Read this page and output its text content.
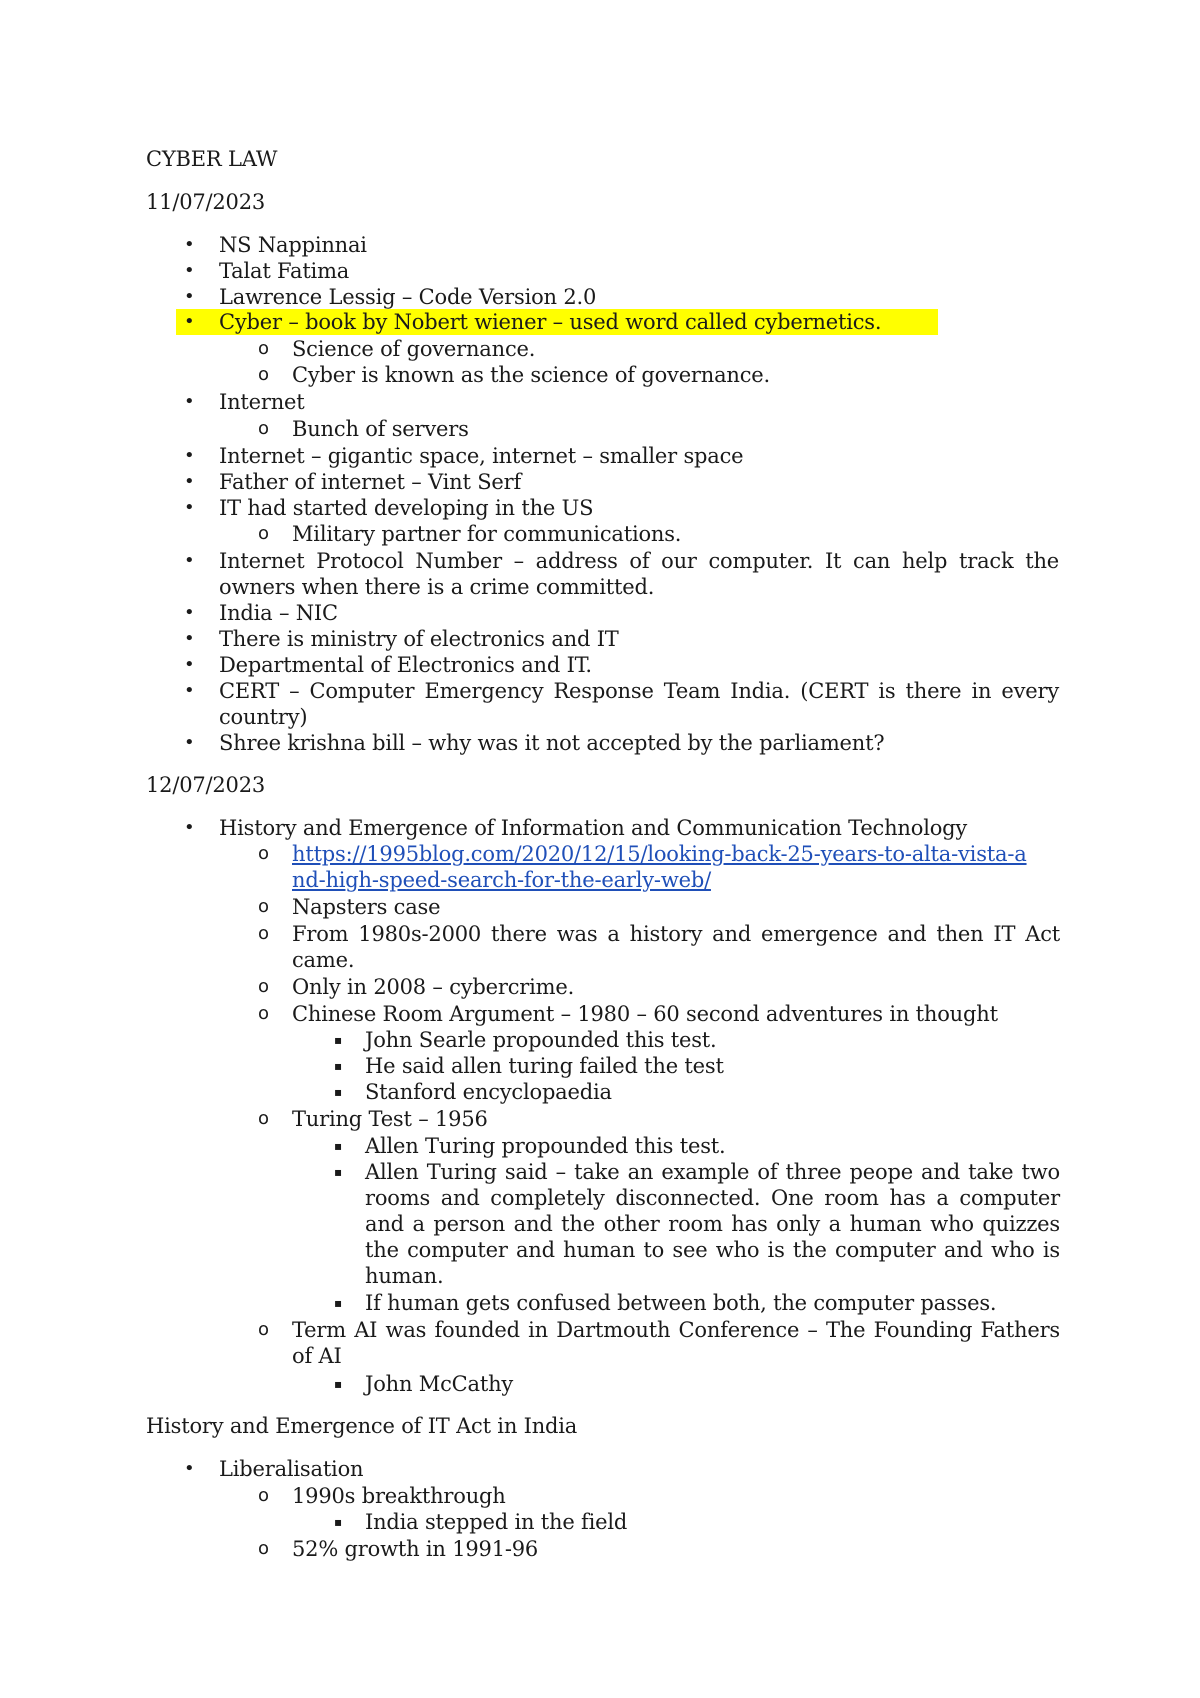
CYBER LAW
11/07/2023
• NS Nappinnai
• Talat Fatima
• Lawrence Lessig – Code Version 2.0
• Cyber – book by Nobert wiener – used word called cybernetics.
o Science of governance.
o Cyber is known as the science of governance.
• Internet
o Bunch of servers
• Internet – gigantic space, internet – smaller space
• Father of internet – Vint Serf
• IT had started developing in the US
o Military partner for communications.
• Internet Protocol Number – address of our computer. It can help track the owners when there is a crime committed.
• India – NIC
• There is ministry of electronics and IT
• Departmental of Electronics and IT.
• CERT – Computer Emergency Response Team India. (CERT is there in every country)
• Shree krishna bill – why was it not accepted by the parliament?
12/07/2023
• History and Emergence of Information and Communication Technology
o https://1995blog.com/2020/12/15/looking-back-25-years-to-alta-vista-and-high-speed-search-for-the-early-web/
o Napsters case
o From 1980s-2000 there was a history and emergence and then IT Act came.
o Only in 2008 – cybercrime.
o Chinese Room Argument – 1980 – 60 second adventures in thought
▪ John Searle propounded this test.
▪ He said allen turing failed the test
▪ Stanford encyclopaedia
o Turing Test – 1956
▪ Allen Turing propounded this test.
▪ Allen Turing said – take an example of three peope and take two rooms and completely disconnected. One room has a computer and a person and the other room has only a human who quizzes the computer and human to see who is the computer and who is human.
▪ If human gets confused between both, the computer passes.
o Term AI was founded in Dartmouth Conference – The Founding Fathers of AI
▪ John McCathy
History and Emergence of IT Act in India
• Liberalisation
o 1990s breakthrough
▪ India stepped in the field
o 52% growth in 1991-96
